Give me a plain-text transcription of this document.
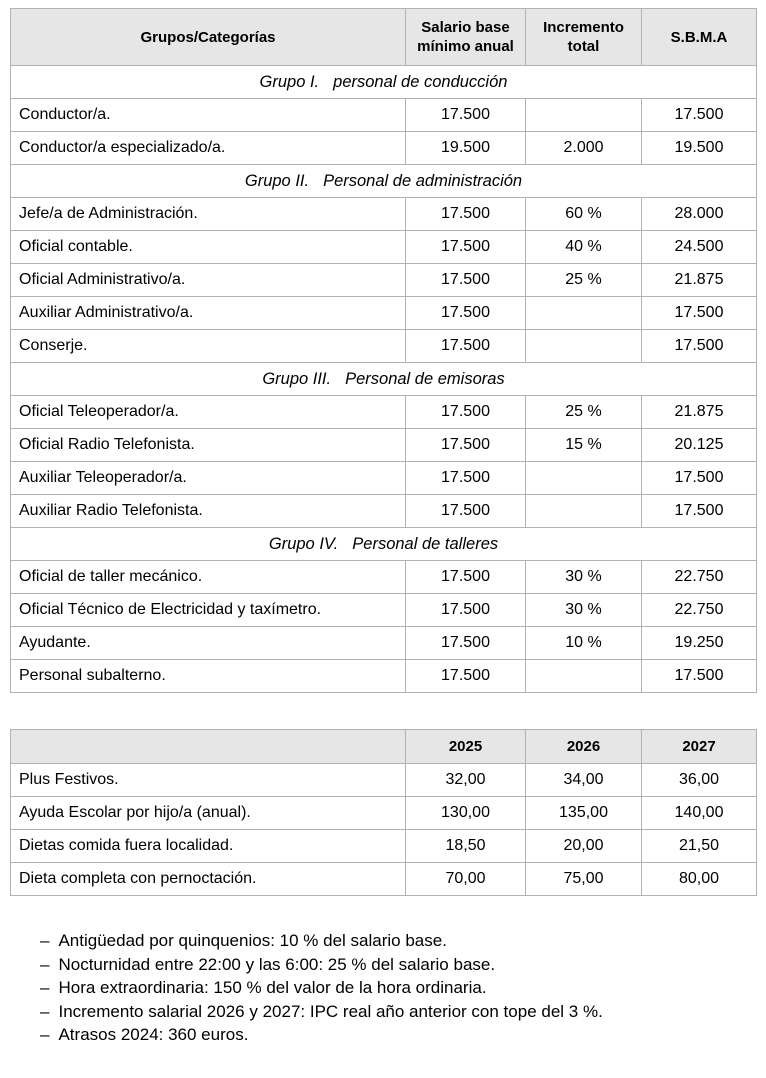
Grupos/Categorías	Salario base mínimo anual	Incremento total	S.B.M.A
Grupo I. personal de conducción			
Conductor/a.	17.500		17.500
Conductor/a especializado/a.	19.500	2.000	19.500
Grupo II. Personal de administración			
Jefe/a de Administración.	17.500	60 %	28.000
Oficial contable.	17.500	40 %	24.500
Oficial Administrativo/a.	17.500	25 %	21.875
Auxiliar Administrativo/a.	17.500		17.500
Conserje.	17.500		17.500
Grupo III. Personal de emisoras			
Oficial Teleoperador/a.	17.500	25 %	21.875
Oficial Radio Telefonista.	17.500	15 %	20.125
Auxiliar Teleoperador/a.	17.500		17.500
Auxiliar Radio Telefonista.	17.500		17.500
Grupo IV. Personal de talleres			
Oficial de taller mecánico.	17.500	30 %	22.750
Oficial Técnico de Electricidad y taxímetro.	17.500	30 %	22.750
Ayudante.	17.500	10 %	19.250
Personal subalterno.	17.500		17.500
	2025	2026	2027
Plus Festivos.	32,00	34,00	36,00
Ayuda Escolar por hijo/a (anual).	130,00	135,00	140,00
Dietas comida fuera localidad.	18,50	20,00	21,50
Dieta completa con pernoctación.	70,00	75,00	80,00
– Antigüedad por quinquenios: 10 % del salario base.
– Nocturnidad entre 22:00 y las 6:00: 25 % del salario base.
– Hora extraordinaria: 150 % del valor de la hora ordinaria.
– Incremento salarial 2026 y 2027: IPC real año anterior con tope del 3 %.
– Atrasos 2024: 360 euros.
